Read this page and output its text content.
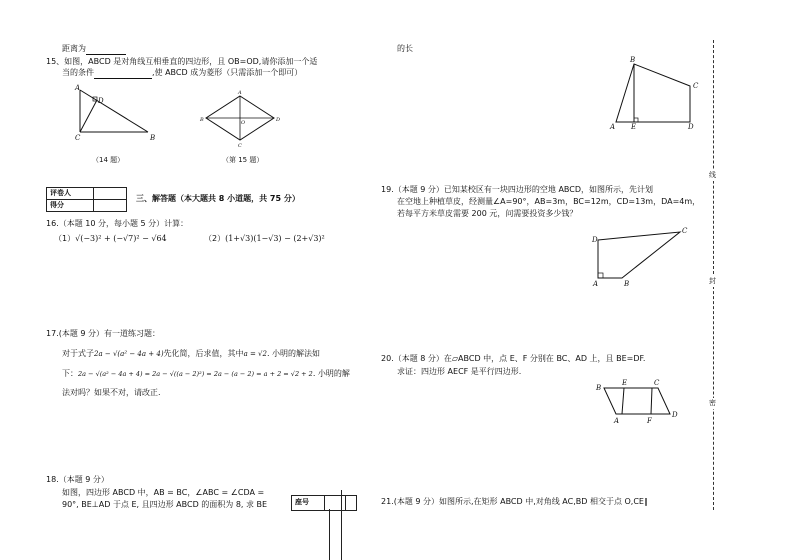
距离为
15、如图，ABCD 是对角线互相垂直的四边形，且 OB=OD,请你添加一个适
当的条件	,使 ABCD 成为菱形（只需添加一个即可）
A
D
C	B
（14 题）
A
B	O	D
C
（第 15 题）
评卷人	
得分	
三、解答题（本大题共 8 小道题，共 75 分）
16.（本题 10 分，每小题 5 分）计算：
（1）√(−3)² + (−√7)² − √64	（2）(1+√3)(1−√3) − (2+√3)²
17.(本题 9 分）有一道练习题：
对于式子2a − √(a² − 4a + 4)先化简，后求值，其中a = √2. 小明的解法如
下：2a − √(a² − 4a + 4) = 2a − √((a − 2)²) = 2a − (a − 2) = a + 2 = √2 + 2. 小明的解
法对吗？如果不对，请改正.
18.（本题 9 分）
如图，四边形 ABCD 中，AB = BC，∠ABC = ∠CDA =
90°, BE⊥AD 于点 E, 且四边形 ABCD 的面积为 8, 求 BE	座号		
的长
B
C
A E	D
19.（本题 9 分）已知某校区有一块四边形的空地 ABCD，如图所示，先计划
在空地上种植草皮，经测量∠A=90°，AB=3m，BC=12m，CD=13m，DA=4m，
若每平方米草皮需要 200 元，问需要投资多少钱？
C
D
A	B
20.（本题 8 分）在▱ABCD 中，点 E、F 分别在 BC、AD 上，且 BE=DF.
求证：四边形 AECF 是平行四边形.
B
E	C
A	F
D
21.(本题 9 分）如图所示,在矩形 ABCD 中,对角线 AC,BD 相交于点 O,CE∥
线
封
密
